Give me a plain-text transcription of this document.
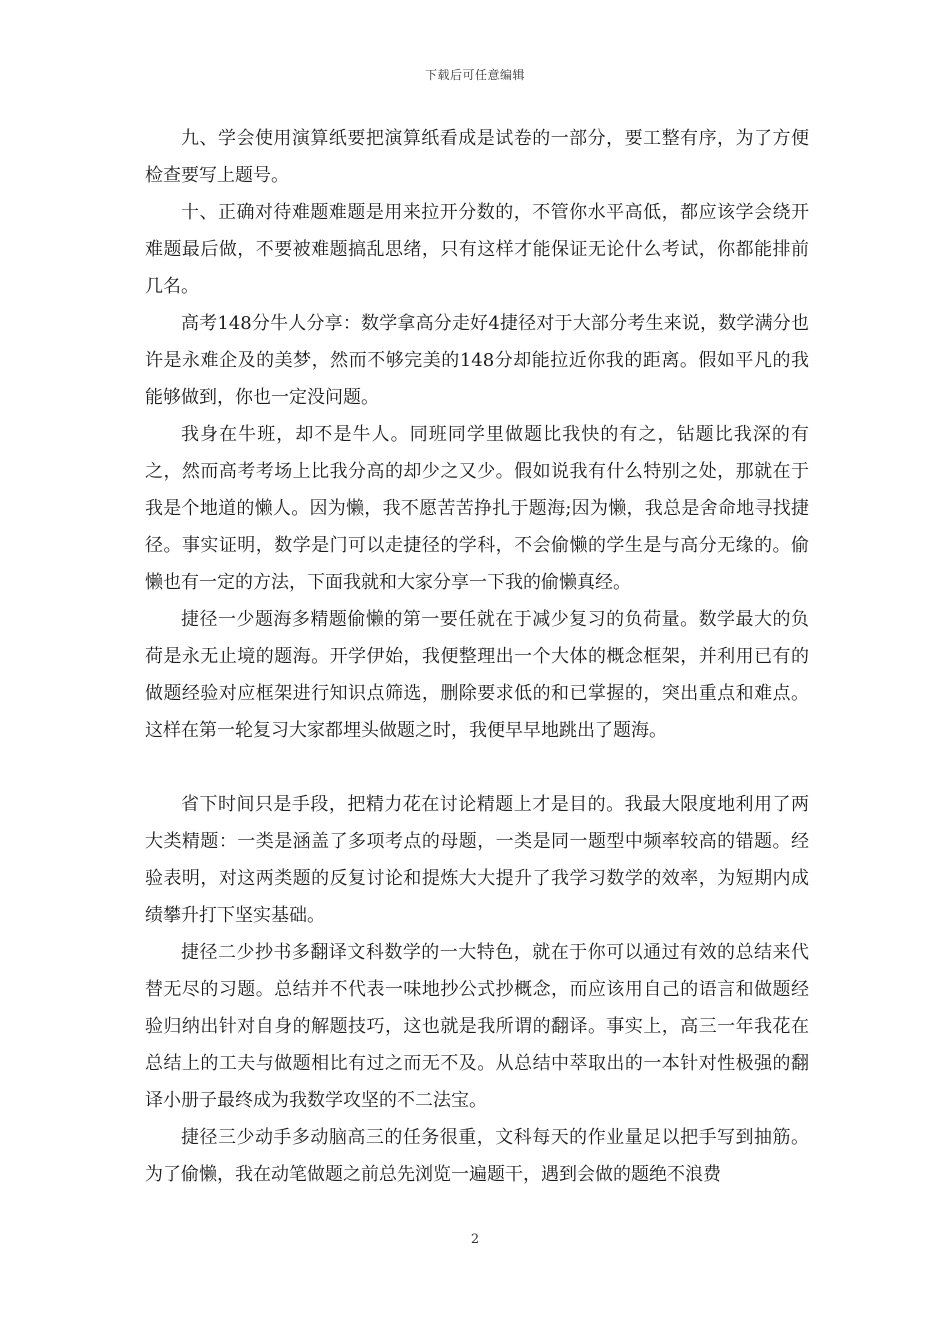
下载后可任意编辑

九、学会使用演算纸要把演算纸看成是试卷的一部分，要工整有序，为了方便检查要写上题号。

十、正确对待难题难题是用来拉开分数的，不管你水平高低，都应该学会绕开难题最后做，不要被难题搞乱思绪，只有这样才能保证无论什么考试，你都能排前几名。

高考148分牛人分享：数学拿高分走好4捷径对于大部分考生来说，数学满分也许是永难企及的美梦，然而不够完美的148分却能拉近你我的距离。假如平凡的我能够做到，你也一定没问题。

我身在牛班，却不是牛人。同班同学里做题比我快的有之，钻题比我深的有之，然而高考考场上比我分高的却少之又少。假如说我有什么特别之处，那就在于我是个地道的懒人。因为懒，我不愿苦苦挣扎于题海;因为懒，我总是舍命地寻找捷径。事实证明，数学是门可以走捷径的学科，不会偷懒的学生是与高分无缘的。偷懒也有一定的方法，下面我就和大家分享一下我的偷懒真经。

捷径一少题海多精题偷懒的第一要任就在于减少复习的负荷量。数学最大的负荷是永无止境的题海。开学伊始，我便整理出一个大体的概念框架，并利用已有的做题经验对应框架进行知识点筛选，删除要求低的和已掌握的，突出重点和难点。这样在第一轮复习大家都埋头做题之时，我便早早地跳出了题海。

省下时间只是手段，把精力花在讨论精题上才是目的。我最大限度地利用了两大类精题：一类是涵盖了多项考点的母题，一类是同一题型中频率较高的错题。经验表明，对这两类题的反复讨论和提炼大大提升了我学习数学的效率，为短期内成绩攀升打下坚实基础。

捷径二少抄书多翻译文科数学的一大特色，就在于你可以通过有效的总结来代替无尽的习题。总结并不代表一味地抄公式抄概念，而应该用自己的语言和做题经验归纳出针对自身的解题技巧，这也就是我所谓的翻译。事实上，高三一年我花在总结上的工夫与做题相比有过之而无不及。从总结中萃取出的一本针对性极强的翻译小册子最终成为我数学攻坚的不二法宝。

捷径三少动手多动脑高三的任务很重，文科每天的作业量足以把手写到抽筋。为了偷懒，我在动笔做题之前总先浏览一遍题干，遇到会做的题绝不浪费

2
